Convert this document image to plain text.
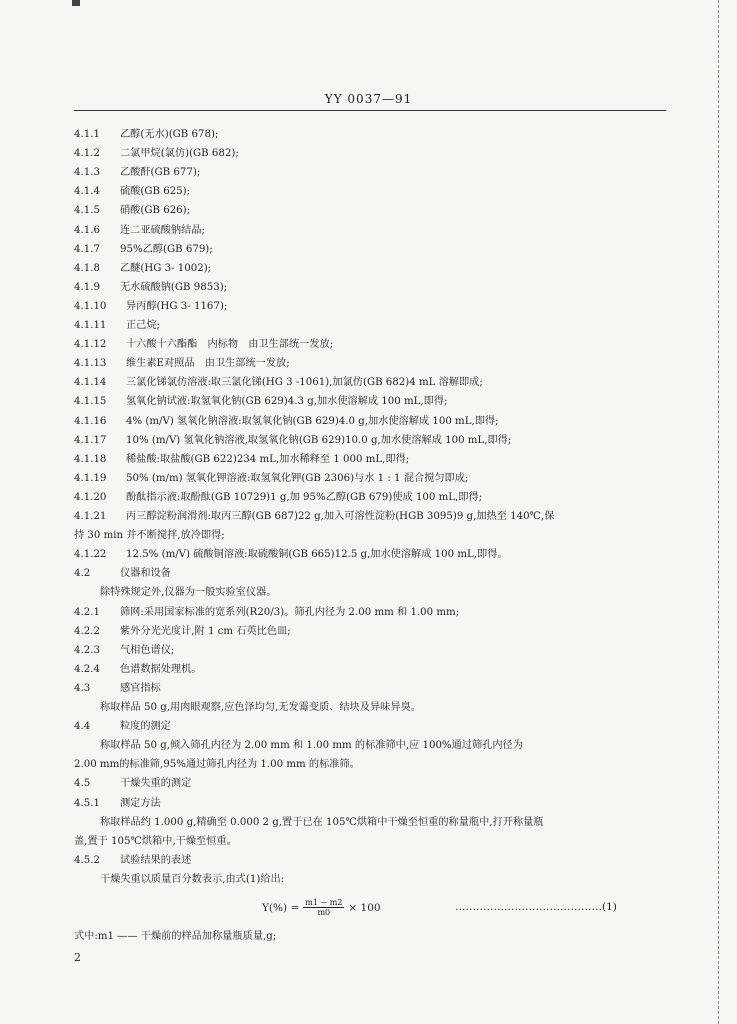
YY 0037—91
4.1.1 乙醇(无水)(GB 678);
4.1.2 二氯甲烷(氯仿)(GB 682);
4.1.3 乙酸酐(GB 677);
4.1.4 硫酸(GB 625);
4.1.5 硝酸(GB 626);
4.1.6 连二亚硫酸钠结晶;
4.1.7 95%乙醇(GB 679);
4.1.8 乙醚(HG 3- 1002);
4.1.9 无水硫酸钠(GB 9853);
4.1.10 异丙醇(HG 3- 1167);
4.1.11 正己烷;
4.1.12 十六酸十六酯酯　内标物　由卫生部统一发放;
4.1.13 维生素E对照品　由卫生部统一发放;
4.1.14 三氯化锑氯仿溶液:取三氯化锑(HG 3 -1061),加氯仿(GB 682)4 mL 溶解即成;
4.1.15 氢氧化钠试液:取氢氧化钠(GB 629)4.3 g,加水使溶解成 100 mL,即得;
4.1.16 4% (m/V) 氢氧化钠溶液:取氢氧化钠(GB 629)4.0 g,加水使溶解成 100 mL,即得;
4.1.17 10% (m/V) 氢氧化钠溶液,取氢氧化钠(GB 629)10.0 g,加水使溶解成 100 mL,即得;
4.1.18 稀盐酸:取盐酸(GB 622)234 mL,加水稀释至 1 000 mL,即得;
4.1.19 50% (m/m) 氢氧化钾溶液:取氢氧化钾(GB 2306)与水 1 : 1 混合搅匀即成;
4.1.20 酚酞指示液:取酚酞(GB 10729)1 g,加 95%乙醇(GB 679)使成 100 mL,即得;
4.1.21 丙三醇淀粉润滑剂:取丙三醇(GB 687)22 g,加入可溶性淀粉(HGB 3095)9 g,加热至 140℃,保
持 30 min 并不断搅拌,放冷即得;
4.1.22 12.5% (m/V) 硫酸铜溶液:取硫酸铜(GB 665)12.5 g,加水使溶解成 100 mL,即得。
4.2	仪器和设备
除特殊规定外,仪器为一般实验室仪器。
4.2.1 筛网:采用国家标准的宽系列(R20/3)。筛孔内径为 2.00 mm 和 1.00 mm;
4.2.2 紫外分光光度计,附 1 cm 石英比色皿;
4.2.3 气相色谱仪;
4.2.4 色谱数据处理机。
4.3	感官指标
称取样品 50 g,用肉眼观察,应色泽均匀,无发霉变质、结块及异味异臭。
4.4	粒度的测定
称取样品 50 g,倾入筛孔内径为 2.00 mm 和 1.00 mm 的标准筛中,应 100%通过筛孔内径为
2.00 mm的标准筛,95%通过筛孔内径为 1.00 mm 的标准筛。
4.5	干燥失重的测定
4.5.1 测定方法
称取样品约 1.000 g,精确至 0.000 2 g,置于已在 105℃烘箱中干燥至恒重的称量瓶中,打开称量瓶
盖,置于 105℃烘箱中,干燥至恒重。
4.5.2 试验结果的表述
干燥失重以质量百分数表示,由式(1)给出:
$Y(\%) = \frac{m1 - m2}{m0} \times 100$	……………………………………(1)
式中:m1 —— 干燥前的样品加称量瓶质量,g;
2
